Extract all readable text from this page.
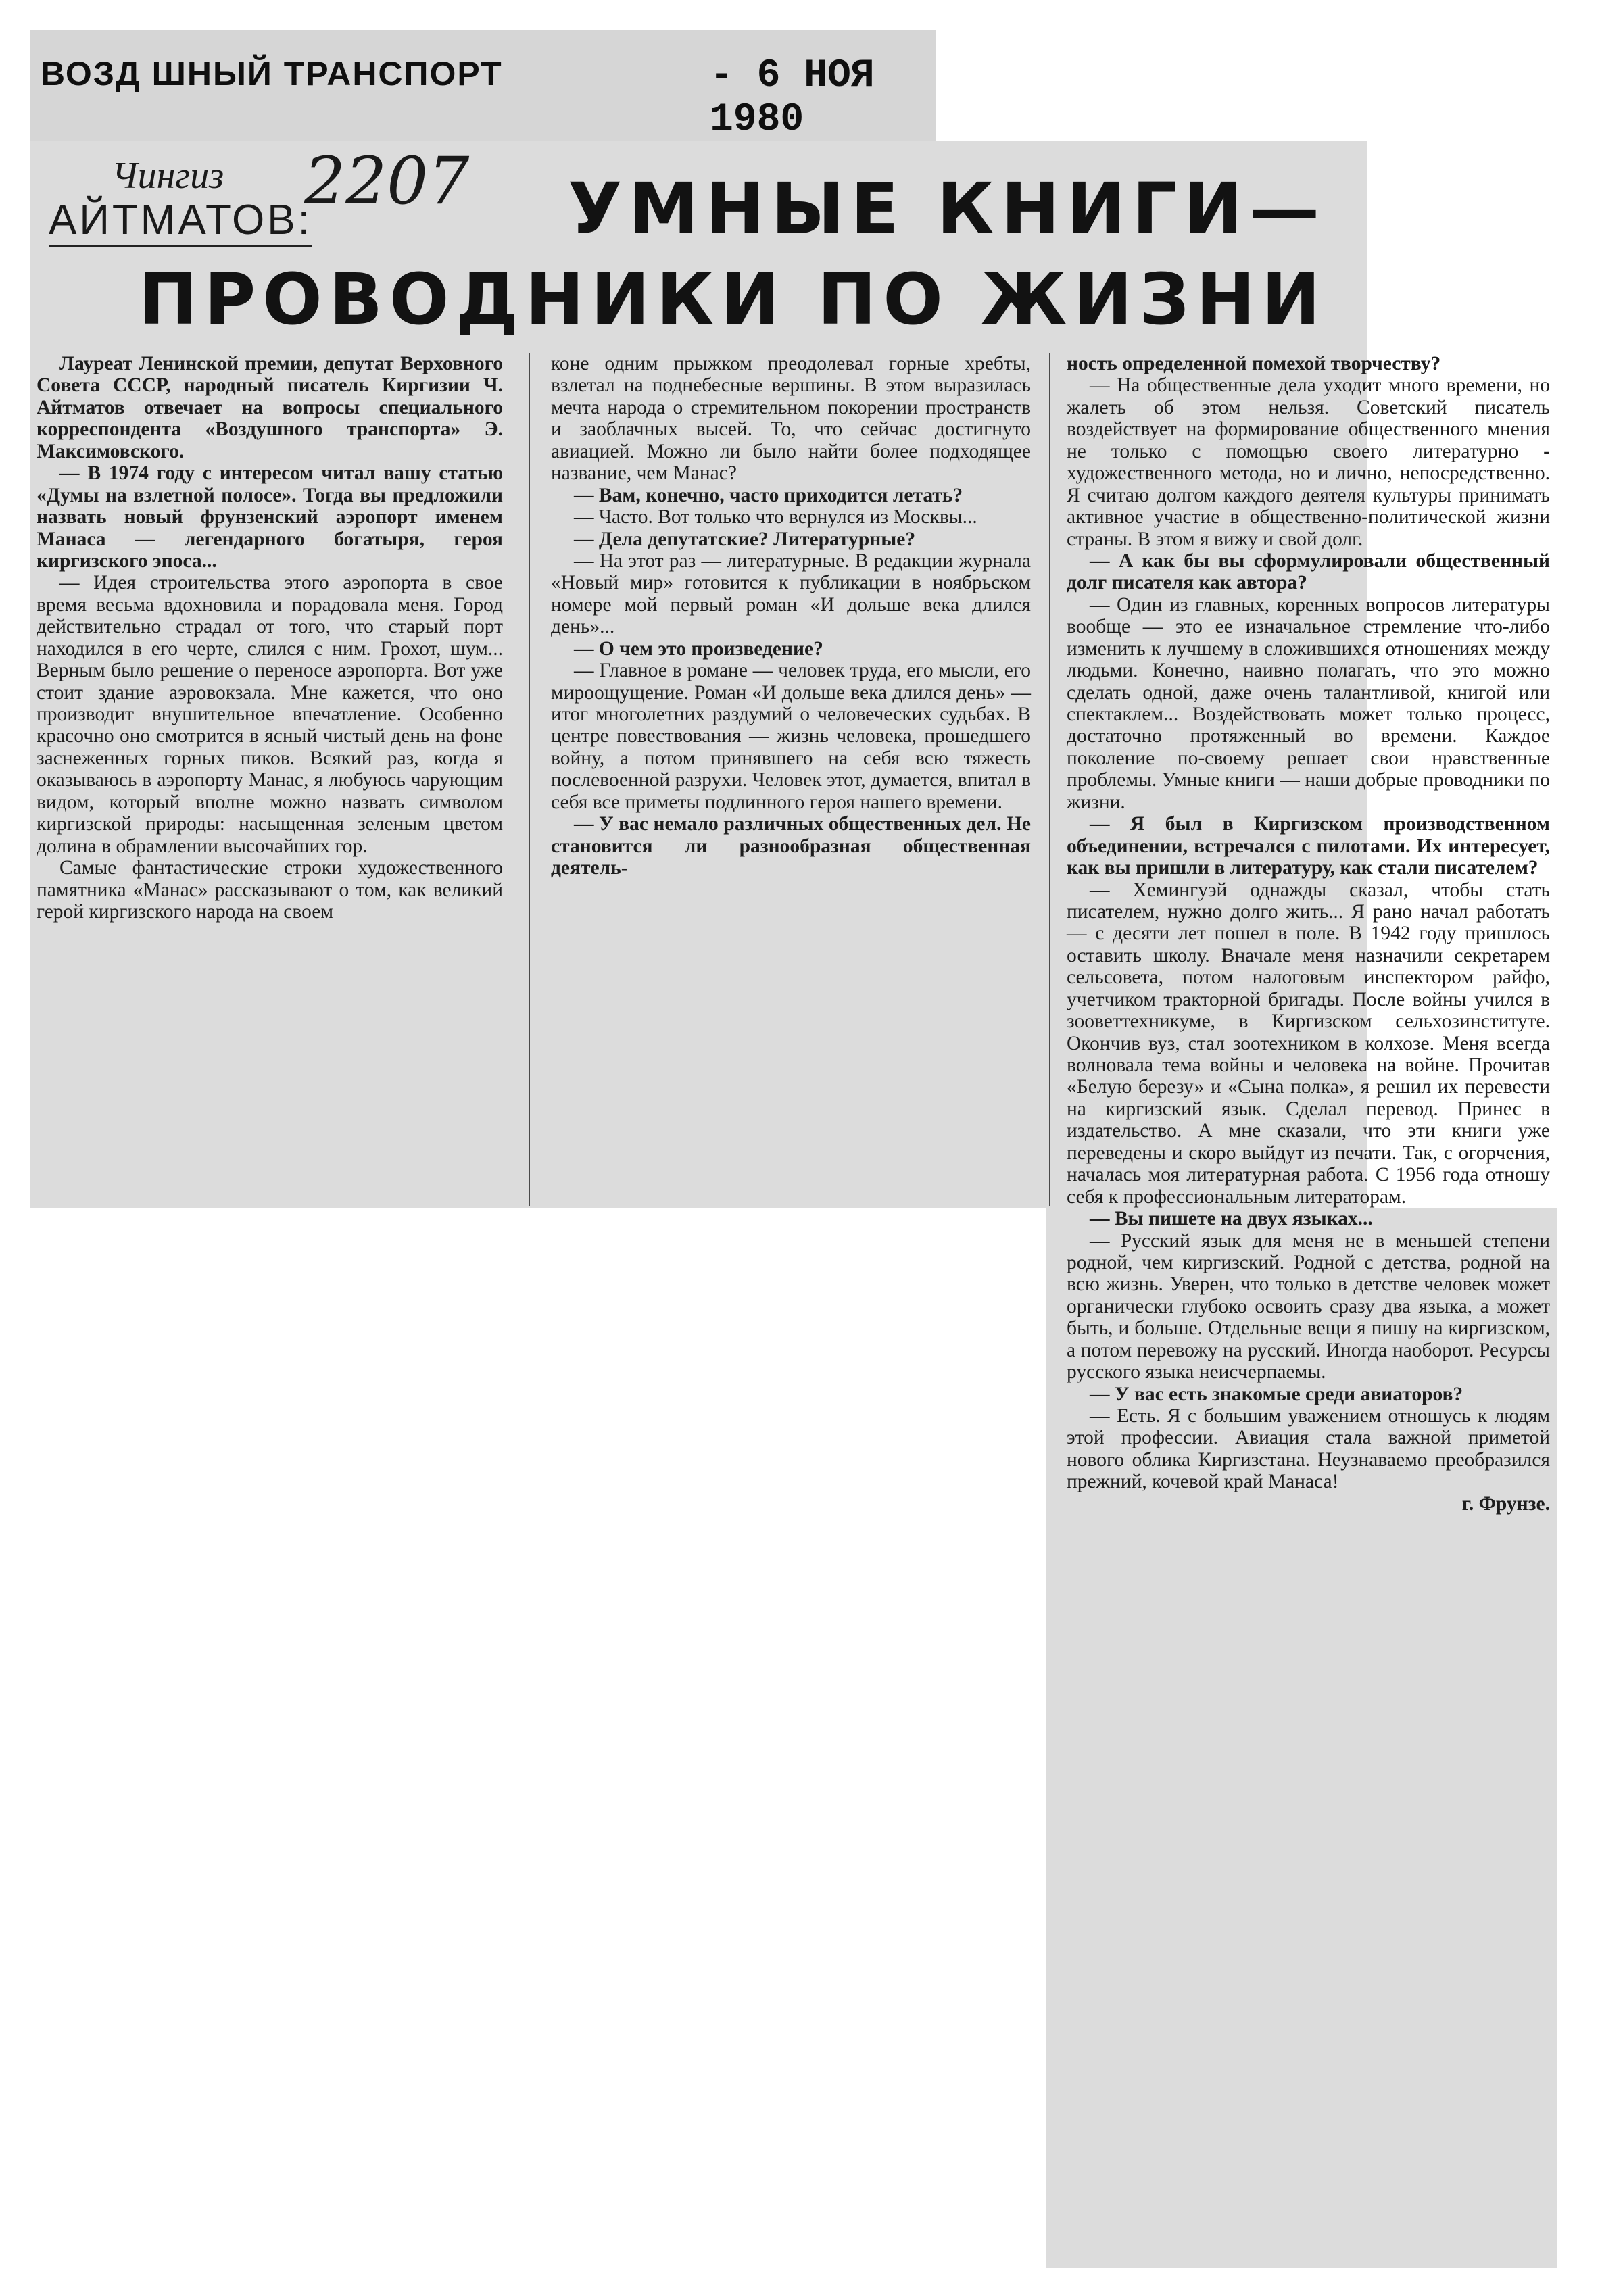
ВОЗД ШНЫЙ ТРАНСПОРТ	- 6 НОЯ 1980
Чингиз
АЙТМАТОВ:
2207 УМНЫЕ КНИГИ—
ПРОВОДНИКИ ПО ЖИЗНИ

Лауреат Ленинской премии, депутат Верховного Совета СССР, народный писатель Киргизии Ч. Айтматов отвечает на вопросы специального корреспондента «Воздушного транспорта» Э. Максимовского.

— В 1974 году с интересом читал вашу статью «Думы на взлетной полосе». Тогда вы предложили назвать новый фрунзенский аэропорт именем Манаса — легендарного богатыря, героя киргизского эпоса...

— Идея строительства этого аэропорта в свое время весьма вдохновила и порадовала меня. Город действительно страдал от того, что старый порт находился в его черте, слился с ним. Грохот, шум... Верным было решение о переносе аэропорта. Вот уже стоит здание аэровокзала. Мне кажется, что оно производит внушительное впечатление. Особенно красочно оно смотрится в ясный чистый день на фоне заснеженных горных пиков. Всякий раз, когда я оказываюсь в аэропорту Манас, я любуюсь чарующим видом, который вполне можно назвать символом киргизской природы: насыщенная зеленым цветом долина в обрамлении высочайших гор.

Самые фантастические строки художественного памятника «Манас» рассказывают о том, как великий герой киргизского народа на своем

коне одним прыжком преодолевал горные хребты, взлетал на поднебесные вершины. В этом выразилась мечта народа о стремительном покорении пространств и заоблачных высей. То, что сейчас достигнуто авиацией. Можно ли было найти более подходящее название, чем Манас?

— Вам, конечно, часто приходится летать?

— Часто. Вот только что вернулся из Москвы...

— Дела депутатские? Литературные?

— На этот раз — литературные. В редакции журнала «Новый мир» готовится к публикации в ноябрьском номере мой первый роман «И дольше века длился день»...

— О чем это произведение?

— Главное в романе — человек труда, его мысли, его мироощущение. Роман «И дольше века длился день» — итог многолетних раздумий о человеческих судьбах. В центре повествования — жизнь человека, прошедшего войну, а потом принявшего на себя всю тяжесть послевоенной разрухи. Человек этот, думается, впитал в себя все приметы подлинного героя нашего времени.

— У вас немало различных общественных дел. Не становится ли разнообразная общественная деятель-

ность определенной помехой творчеству?

— На общественные дела уходит много времени, но жалеть об этом нельзя. Советский писатель воздействует на формирование общественного мнения не только с помощью своего литературно - художественного метода, но и лично, непосредственно. Я считаю долгом каждого деятеля культуры принимать активное участие в общественно-политической жизни страны. В этом я вижу и свой долг.

— А как бы вы сформулировали общественный долг писателя как автора?

— Один из главных, коренных вопросов литературы вообще — это ее изначальное стремление что-либо изменить к лучшему в сложившихся отношениях между людьми. Конечно, наивно полагать, что это можно сделать одной, даже очень талантливой, книгой или спектаклем... Воздействовать может только процесс, достаточно протяженный во времени. Каждое поколение по-своему решает свои нравственные проблемы. Умные книги — наши добрые проводники по жизни.

— Я был в Киргизском производственном объединении, встречался с пилотами. Их интересует, как вы пришли в литературу, как стали писателем?

— Хемингуэй однажды сказал, чтобы стать писателем, нужно долго жить... Я рано начал работать — с десяти лет пошел в поле. В 1942 году пришлось оставить школу. Вначале меня назначили секретарем сельсовета, потом налоговым инспектором райфо, учетчиком тракторной бригады. После войны учился в зооветтехникуме, в Киргизском сельхозинституте. Окончив вуз, стал зоотехником в колхозе. Меня всегда волновала тема войны и человека на войне. Прочитав «Белую березу» и «Сына полка», я решил их перевести на киргизский язык. Сделал перевод. Принес в издательство. А мне сказали, что эти книги уже переведены и скоро выйдут из печати. Так, с огорчения, началась моя литературная работа. С 1956 года отношу себя к профессиональным литераторам.

— Вы пишете на двух языках...

— Русский язык для меня не в меньшей степени родной, чем киргизский. Родной с детства, родной на всю жизнь. Уверен, что только в детстве человек может органически глубоко освоить сразу два языка, а может быть, и больше. Отдельные вещи я пишу на киргизском, а потом перевожу на русский. Иногда наоборот. Ресурсы русского языка неисчерпаемы.

— У вас есть знакомые среди авиаторов?

— Есть. Я с большим уважением отношусь к людям этой профессии. Авиация стала важной приметой нового облика Киргизстана. Неузнаваемо преобразился прежний, кочевой край Манаса!

г. Фрунзе.
